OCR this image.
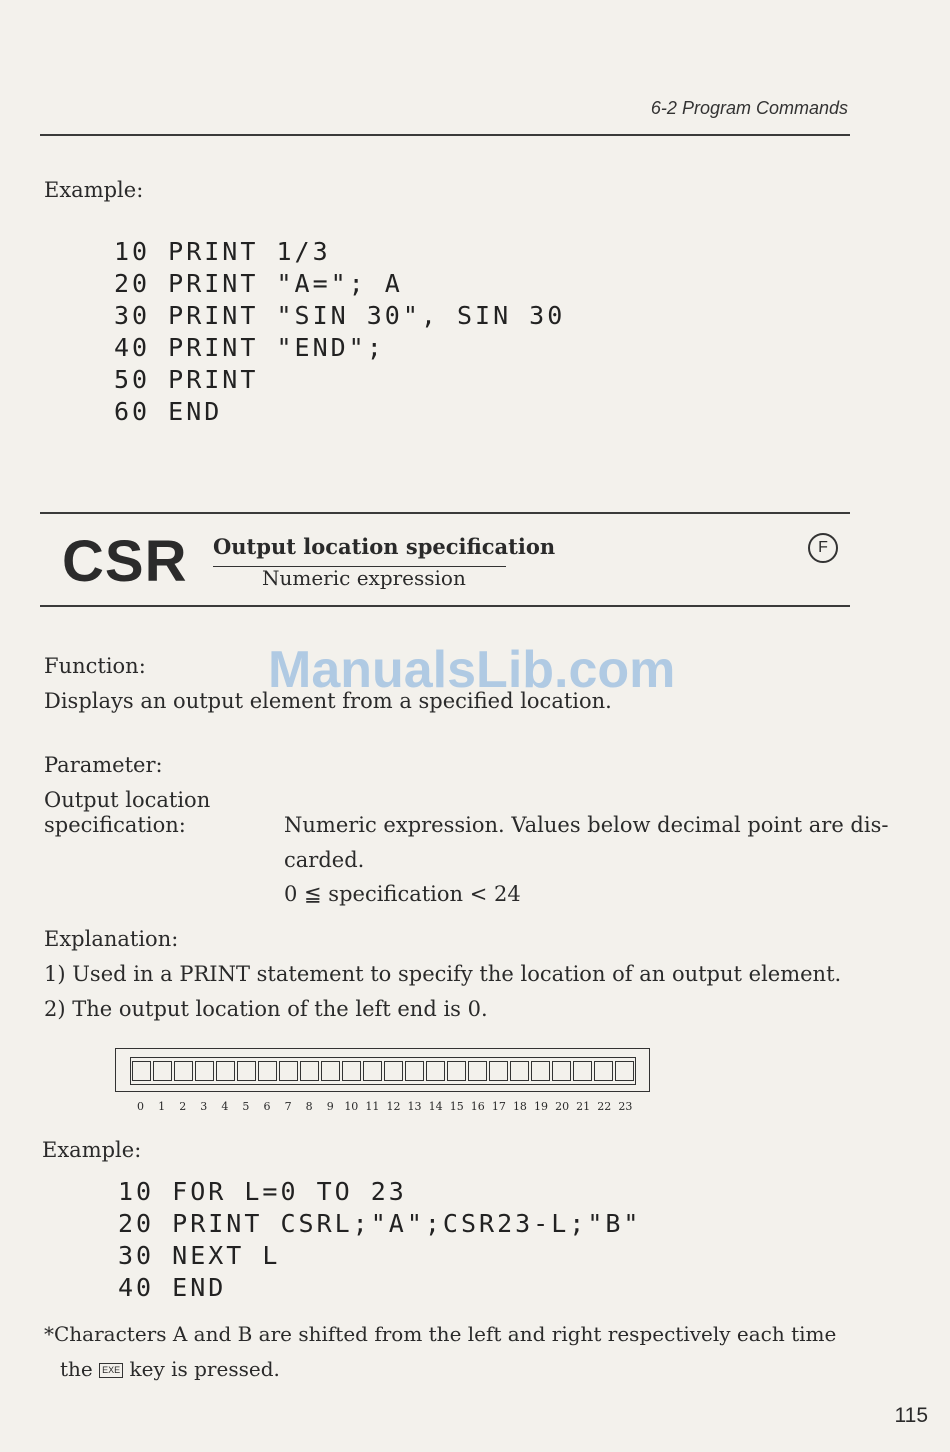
6-2 Program Commands
Example:
10 PRINT 1/3
20 PRINT "A="; A
30 PRINT "SIN 30", SIN 30
40 PRINT "END";
50 PRINT
60 END
CSR Output location specification
Numeric expression
F
ManualsLib.com
Function:
Displays an output element from a specified location.
Parameter:
Output location
specification:	Numeric expression. Values below decimal point are dis-
carded.
0 ≦ specification < 24
Explanation:
1) Used in a PRINT statement to specify the location of an output element.
2) The output location of the left end is 0.
0	1	2	3	4	5	6	7	8	9 10 11 12 13 14 15 16 17 18 19 20 21 22 23
Example:
10 FOR L=0 TO 23
20 PRINT CSRL;"A";CSR23-L;"B"
30 NEXT L
40 END
*Characters A and B are shifted from the left and right respectively each time
the EXE key is pressed.
115
